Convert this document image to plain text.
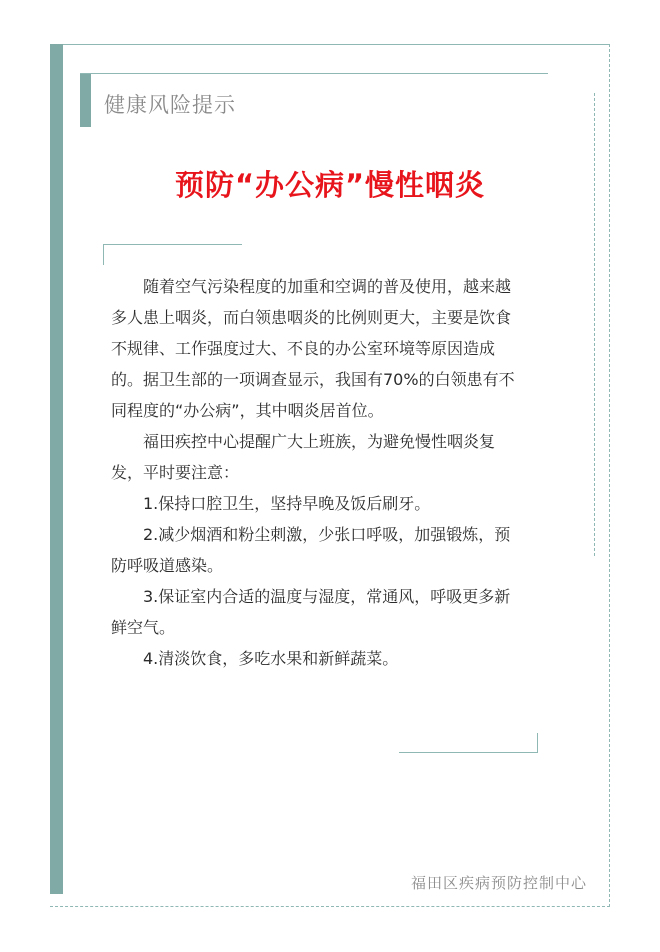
健康风险提示
预防“办公病”慢性咽炎

随着空气污染程度的加重和空调的普及使用，越来越多人患上咽炎，而白领患咽炎的比例则更大，主要是饮食不规律、工作强度过大、不良的办公室环境等原因造成的。据卫生部的一项调查显示，我国有70%的白领患有不同程度的“办公病”，其中咽炎居首位。

福田疾控中心提醒广大上班族，为避免慢性咽炎复发，平时要注意：

1.保持口腔卫生，坚持早晚及饭后刷牙。

2.减少烟酒和粉尘刺激，少张口呼吸，加强锻炼，预防呼吸道感染。

3.保证室内合适的温度与湿度，常通风，呼吸更多新鲜空气。

4.清淡饮食，多吃水果和新鲜蔬菜。

福田区疾病预防控制中心
